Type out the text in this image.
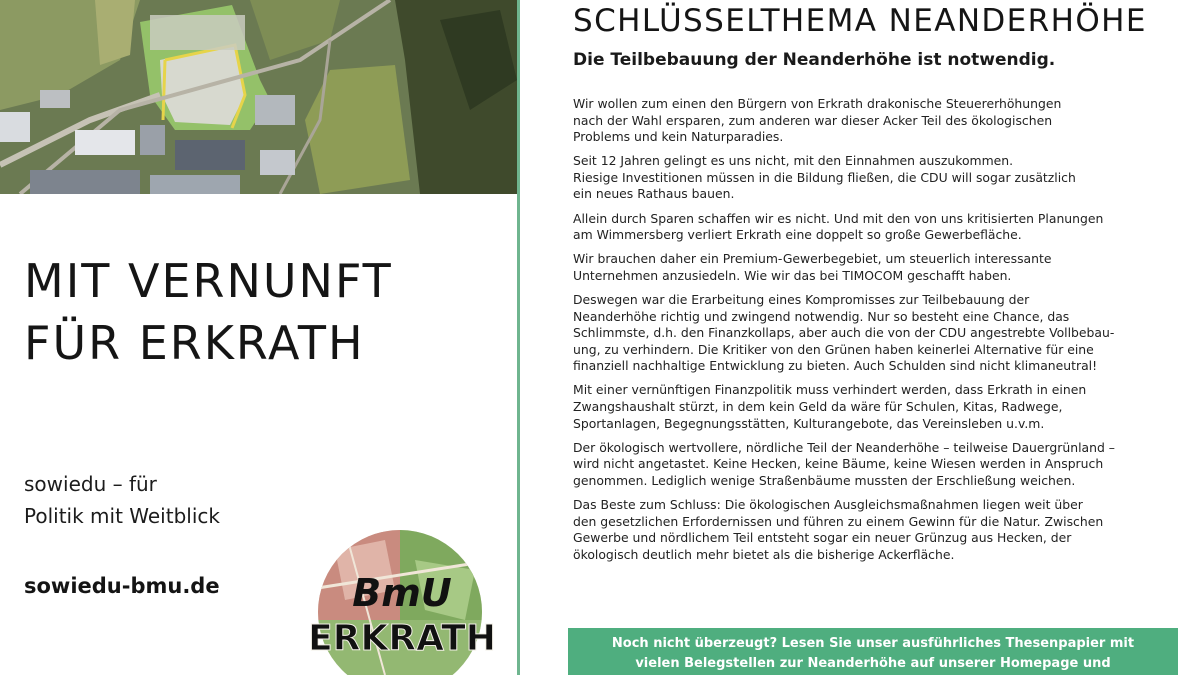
MIT VERNUNFT
FÜR ERKRATH
sowiedu – für
Politik mit Weitblick
sowiedu-bmu.de	BmU
ERKRATH
SCHLÜSSELTHEMA NEANDERHÖHE
Die Teilbebauung der Neanderhöhe ist notwendig.

Wir wollen zum einen den Bürgern von Erkrath drakonische Steuererhöhungen
nach der Wahl ersparen, zum anderen war dieser Acker Teil des ökologischen
Problems und kein Naturparadies.

Seit 12 Jahren gelingt es uns nicht, mit den Einnahmen auszukommen.
Riesige Investitionen müssen in die Bildung fließen, die CDU will sogar zusätzlich
ein neues Rathaus bauen.

Allein durch Sparen schaffen wir es nicht. Und mit den von uns kritisierten Planungen
am Wimmersberg verliert Erkrath eine doppelt so große Gewerbefläche.

Wir brauchen daher ein Premium-Gewerbegebiet, um steuerlich interessante
Unternehmen anzusiedeln. Wie wir das bei TIMOCOM geschafft haben.

Deswegen war die Erarbeitung eines Kompromisses zur Teilbebauung der
Neanderhöhe richtig und zwingend notwendig. Nur so besteht eine Chance, das
Schlimmste, d.h. den Finanzkollaps, aber auch die von der CDU angestrebte Vollbebau-
ung, zu verhindern. Die Kritiker von den Grünen haben keinerlei Alternative für eine
finanziell nachhaltige Entwicklung zu bieten. Auch Schulden sind nicht klimaneutral!

Mit einer vernünftigen Finanzpolitik muss verhindert werden, dass Erkrath in einen
Zwangshaushalt stürzt, in dem kein Geld da wäre für Schulen, Kitas, Radwege,
Sportanlagen, Begegnungsstätten, Kulturangebote, das Vereinsleben u.v.m.

Der ökologisch wertvollere, nördliche Teil der Neanderhöhe – teilweise Dauergrünland –
wird nicht angetastet. Keine Hecken, keine Bäume, keine Wiesen werden in Anspruch
genommen. Lediglich wenige Straßenbäume mussten der Erschließung weichen.

Das Beste zum Schluss: Die ökologischen Ausgleichsmaßnahmen liegen weit über
den gesetzlichen Erfordernissen und führen zu einem Gewinn für die Natur. Zwischen
Gewerbe und nördlichem Teil entsteht sogar ein neuer Grünzug aus Hecken, der
ökologisch deutlich mehr bietet als die bisherige Ackerfläche.

Noch nicht überzeugt? Lesen Sie unser ausführliches Thesenpapier mit
vielen Belegstellen zur Neanderhöhe auf unserer Homepage und
